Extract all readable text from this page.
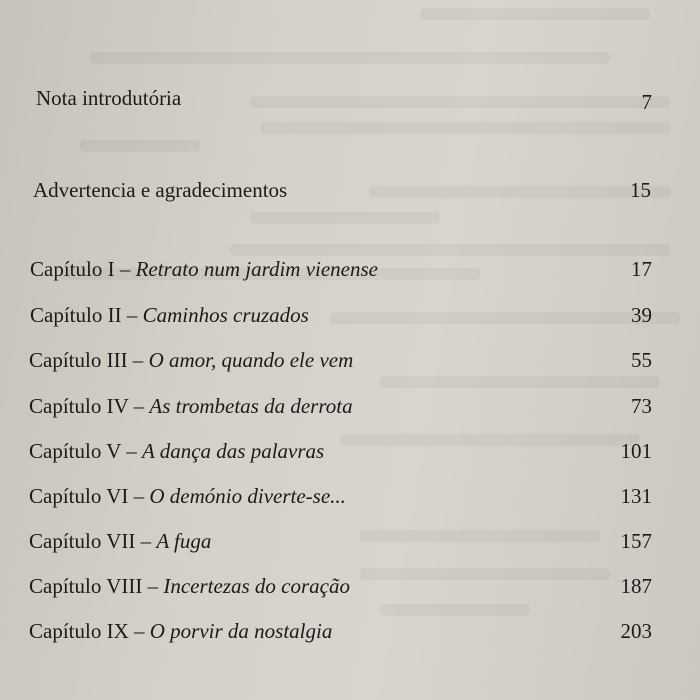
Nota introdutória	7
Advertencia e agradecimentos	15
Capítulo I – Retrato num jardim vienense	17
Capítulo II – Caminhos cruzados	39
Capítulo III – O amor, quando ele vem	55
Capítulo IV – As trombetas da derrota	73
Capítulo V – A dança das palavras	101
Capítulo VI – O demónio diverte-se...	131
Capítulo VII – A fuga	157
Capítulo VIII – Incertezas do coração	187
Capítulo IX – O porvir da nostalgia	203
